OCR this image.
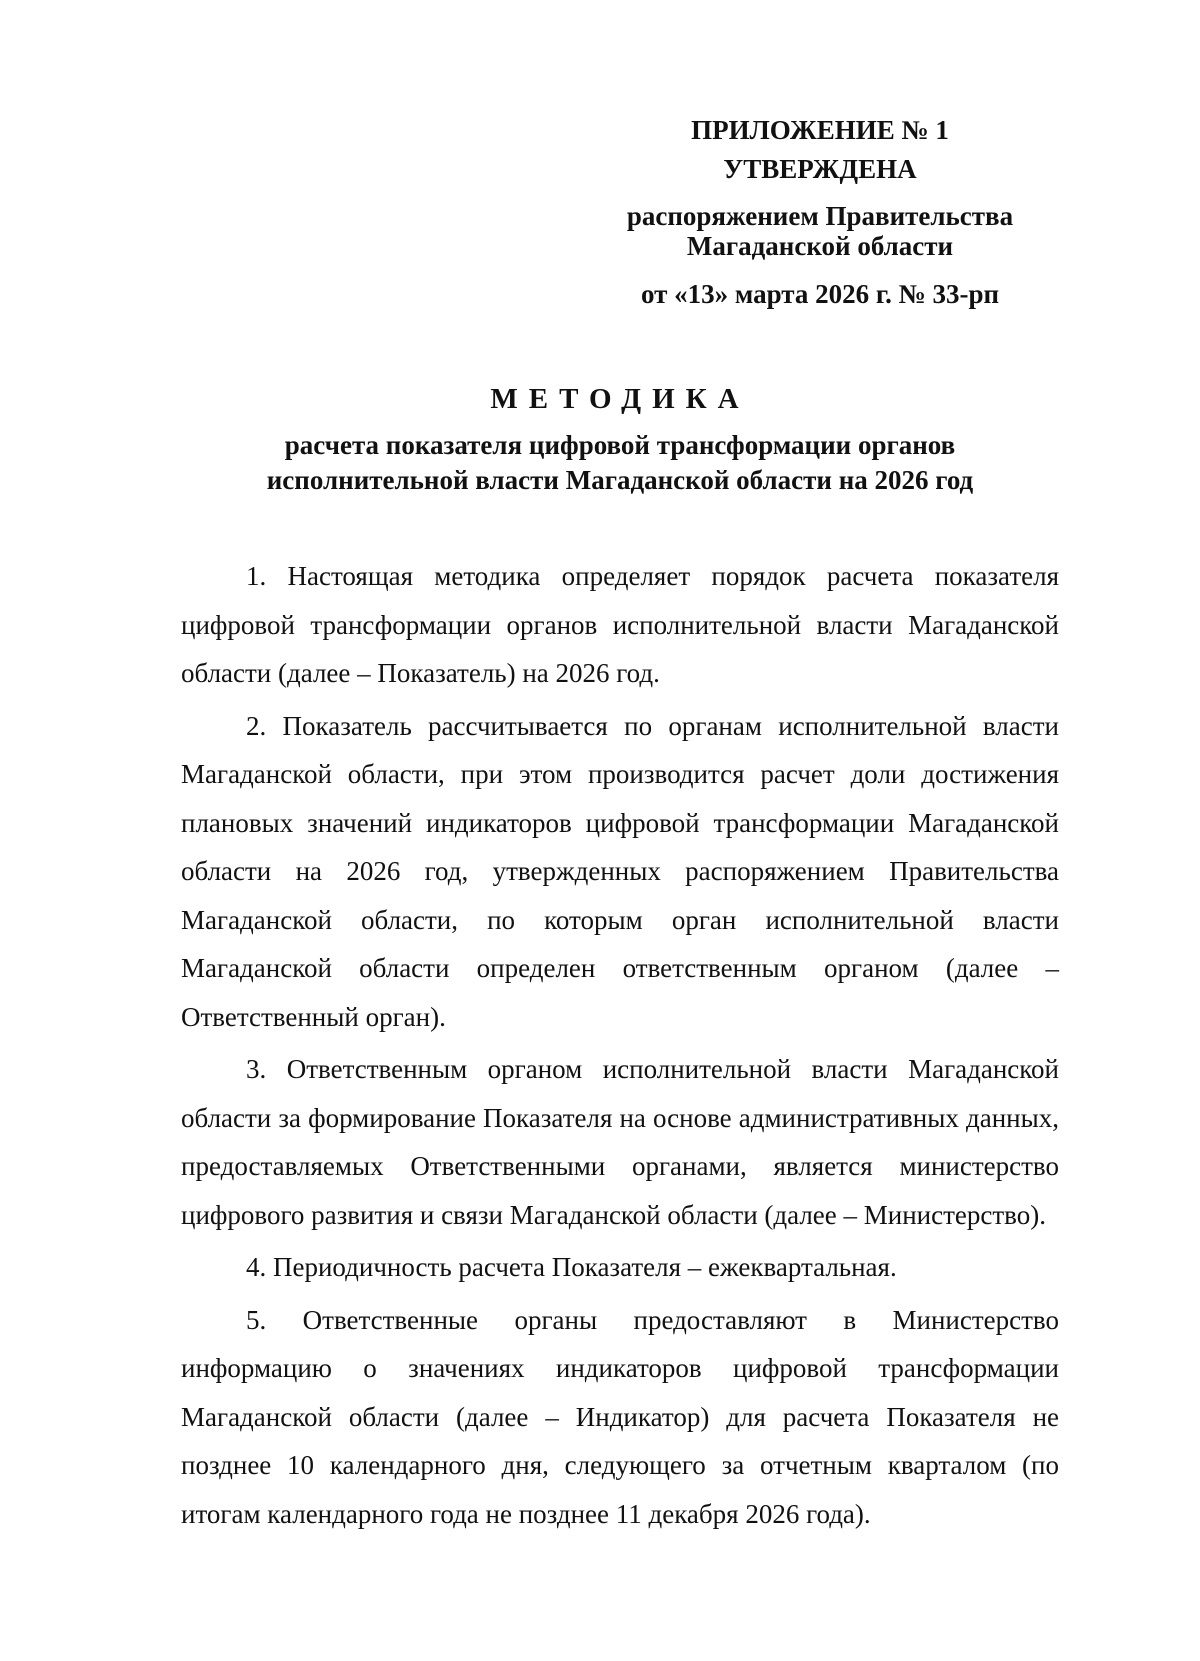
ПРИЛОЖЕНИЕ № 1
УТВЕРЖДЕНА
распоряжением Правительства
Магаданской области
от «13» марта 2026 г. № 33-рп
МЕТОДИКА
расчета показателя цифровой трансформации органов
исполнительной власти Магаданской области на 2026 год

1. Настоящая методика определяет порядок расчета показателя цифровой трансформации органов исполнительной власти Магаданской области (далее – Показатель) на 2026 год.

2. Показатель рассчитывается по органам исполнительной власти Магаданской области, при этом производится расчет доли достижения плановых значений индикаторов цифровой трансформации Магаданской области на 2026 год, утвержденных распоряжением Правительства Магаданской области, по которым орган исполнительной власти Магаданской области определен ответственным органом (далее – Ответственный орган).

3. Ответственным органом исполнительной власти Магаданской области за формирование Показателя на основе административных данных, предоставляемых Ответственными органами, является министерство цифрового развития и связи Магаданской области (далее – Министерство).

4. Периодичность расчета Показателя – ежеквартальная.

5. Ответственные органы предоставляют в Министерство информацию о значениях индикаторов цифровой трансформации Магаданской области (далее – Индикатор) для расчета Показателя не позднее 10 календарного дня, следующего за отчетным кварталом (по итогам календарного года не позднее 11 декабря 2026 года).
